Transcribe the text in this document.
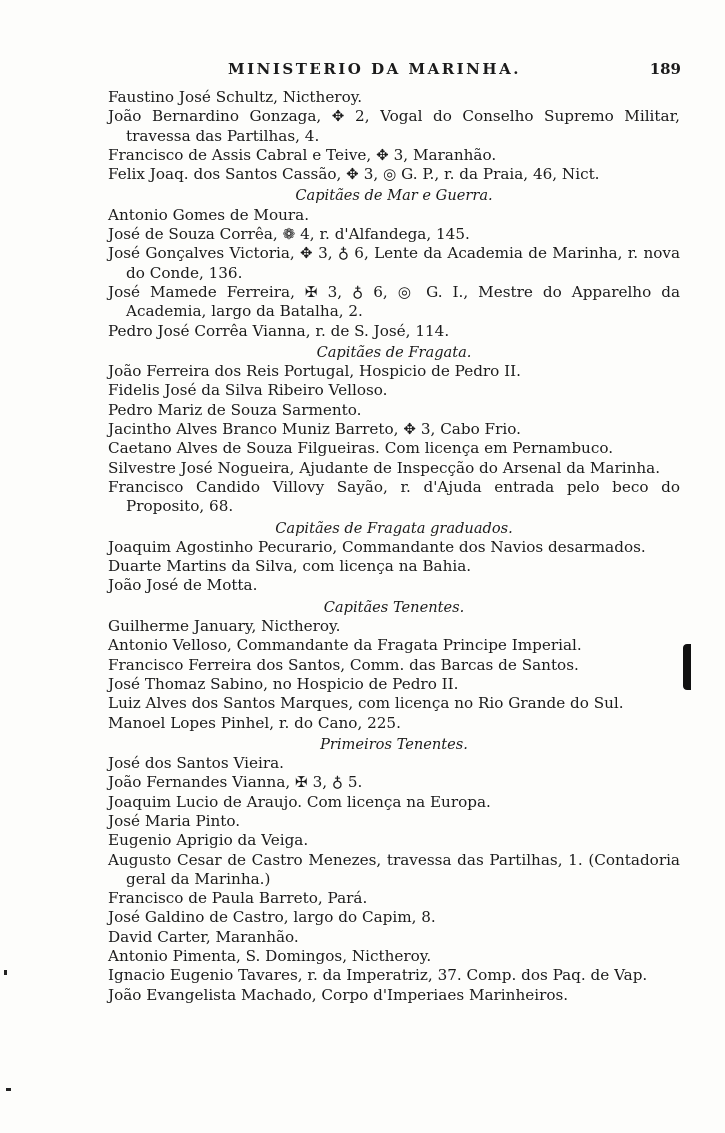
MINISTERIO DA MARINHA.	189
Faustino José Schultz, Nictheroy.
João Bernardino Gonzaga, ✥ 2, Vogal do Conselho Supremo Militar, travessa das Partilhas, 4.
Francisco de Assis Cabral e Teive, ✥ 3, Maranhão.
Felix Joaq. dos Santos Cassão, ✥ 3, ◎ G. P., r. da Praia, 46, Nict.
Capitães de Mar e Guerra.
Antonio Gomes de Moura.
José de Souza Corrêa, ❁ 4, r. d'Alfandega, 145.
José Gonçalves Victoria, ✥ 3, ♁ 6, Lente da Academia de Marinha, r. nova do Conde, 136.
José Mamede Ferreira, ✠ 3, ♁ 6, ◎ G. I., Mestre do Apparelho da Academia, largo da Batalha, 2.
Pedro José Corrêa Vianna, r. de S. José, 114.
Capitães de Fragata.
João Ferreira dos Reis Portugal, Hospicio de Pedro II.
Fidelis José da Silva Ribeiro Velloso.
Pedro Mariz de Souza Sarmento.
Jacintho Alves Branco Muniz Barreto, ✥ 3, Cabo Frio.
Caetano Alves de Souza Filgueiras. Com licença em Pernambuco.
Silvestre José Nogueira, Ajudante de Inspecção do Arsenal da Marinha.
Francisco Candido Villovy Sayão, r. d'Ajuda entrada pelo beco do Proposito, 68.
Capitães de Fragata graduados.
Joaquim Agostinho Pecurario, Commandante dos Navios desarmados.
Duarte Martins da Silva, com licença na Bahia.
João José de Motta.
Capitães Tenentes.
Guilherme January, Nictheroy.
Antonio Velloso, Commandante da Fragata Principe Imperial.
Francisco Ferreira dos Santos, Comm. das Barcas de Santos.
José Thomaz Sabino, no Hospicio de Pedro II.
Luiz Alves dos Santos Marques, com licença no Rio Grande do Sul.
Manoel Lopes Pinhel, r. do Cano, 225.
Primeiros Tenentes.
José dos Santos Vieira.
João Fernandes Vianna, ✠ 3, ♁ 5.
Joaquim Lucio de Araujo. Com licença na Europa.
José Maria Pinto.
Eugenio Aprigio da Veiga.
Augusto Cesar de Castro Menezes, travessa das Partilhas, 1. (Contadoria geral da Marinha.)
Francisco de Paula Barreto, Pará.
José Galdino de Castro, largo do Capim, 8.
David Carter, Maranhão.
Antonio Pimenta, S. Domingos, Nictheroy.
Ignacio Eugenio Tavares, r. da Imperatriz, 37. Comp. dos Paq. de Vap.
João Evangelista Machado, Corpo d'Imperiaes Marinheiros.
